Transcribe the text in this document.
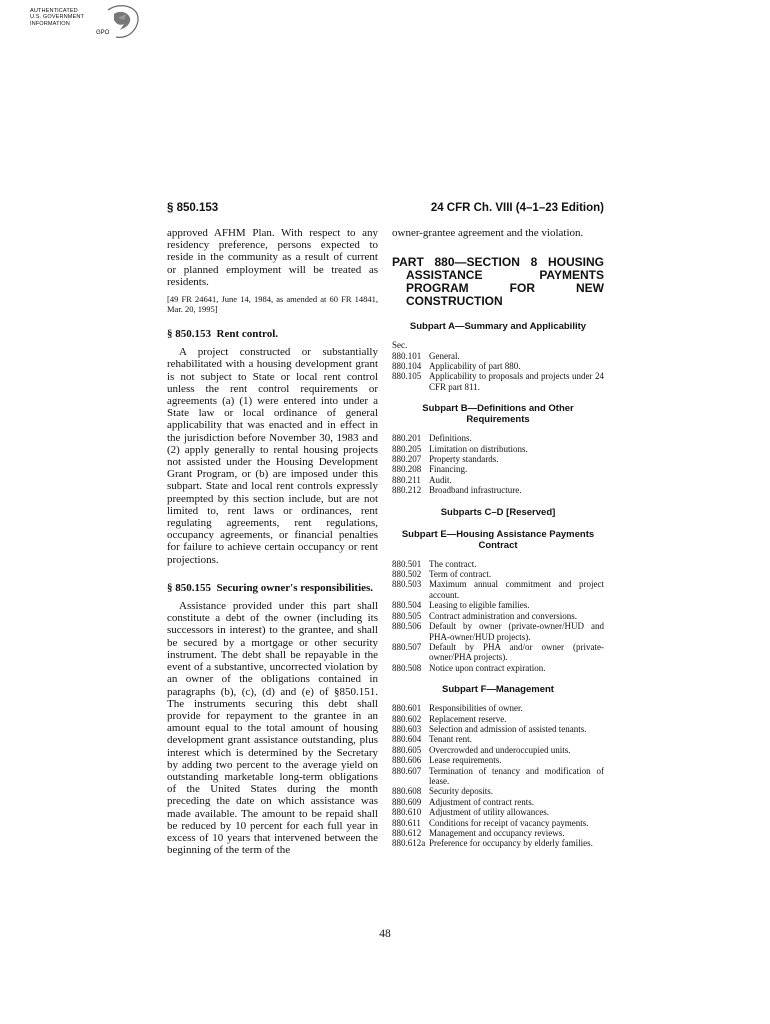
AUTHENTICATED
U.S. GOVERNMENT
INFORMATION
GPO
§ 850.153	24 CFR Ch. VIII (4–1–23 Edition)

approved AFHM Plan. With respect to any residency preference, persons expected to reside in the community as a result of current or planned employment will be treated as residents.

[49 FR 24641, June 14, 1984, as amended at 60 FR 14841, Mar. 20, 1995]

§ 850.153 Rent control.

A project constructed or substantially rehabilitated with a housing development grant is not subject to State or local rent control unless the rent control requirements or agreements (a) (1) were entered into under a State law or local ordinance of general applicability that was enacted and in effect in the jurisdiction before November 30, 1983 and (2) apply generally to rental housing projects not assisted under the Housing Development Grant Program, or (b) are imposed under this subpart. State and local rent controls expressly preempted by this section include, but are not limited to, rent laws or ordinances, rent regulating agreements, rent regulations, occupancy agreements, or financial penalties for failure to achieve certain occupancy or rent projections.

§ 850.155 Securing owner's responsibilities.

Assistance provided under this part shall constitute a debt of the owner (including its successors in interest) to the grantee, and shall be secured by a mortgage or other security instrument. The debt shall be repayable in the event of a substantive, uncorrected violation by an owner of the obligations contained in paragraphs (b), (c), (d) and (e) of §850.151. The instruments securing this debt shall provide for repayment to the grantee in an amount equal to the total amount of housing development grant assistance outstanding, plus interest which is determined by the Secretary by adding two percent to the average yield on outstanding marketable long-term obligations of the United States during the month preceding the date on which assistance was made available. The amount to be repaid shall be reduced by 10 percent for each full year in excess of 10 years that intervened between the beginning of the term of the

owner-grantee agreement and the violation.

PART 880—SECTION 8 HOUSING ASSISTANCE PAYMENTS PROGRAM FOR NEW CONSTRUCTION
Subpart A—Summary and Applicability
Sec.
880.101 General.
880.104 Applicability of part 880.
880.105 Applicability to proposals and projects under 24 CFR part 811.
Subpart B—Definitions and Other Requirements
880.201 Definitions.
880.205 Limitation on distributions.
880.207 Property standards.
880.208 Financing.
880.211 Audit.
880.212 Broadband infrastructure.
Subparts C–D [Reserved]
Subpart E—Housing Assistance Payments Contract
880.501 The contract.
880.502 Term of contract.
880.503 Maximum annual commitment and project account.
880.504 Leasing to eligible families.
880.505 Contract administration and conversions.
880.506 Default by owner (private-owner/HUD and PHA-owner/HUD projects).
880.507 Default by PHA and/or owner (private-owner/PHA projects).
880.508 Notice upon contract expiration.
Subpart F—Management
880.601 Responsibilities of owner.
880.602 Replacement reserve.
880.603 Selection and admission of assisted tenants.
880.604 Tenant rent.
880.605 Overcrowded and underoccupied units.
880.606 Lease requirements.
880.607 Termination of tenancy and modification of lease.
880.608 Security deposits.
880.609 Adjustment of contract rents.
880.610 Adjustment of utility allowances.
880.611 Conditions for receipt of vacancy payments.
880.612 Management and occupancy reviews.
880.612a Preference for occupancy by elderly families.
48
